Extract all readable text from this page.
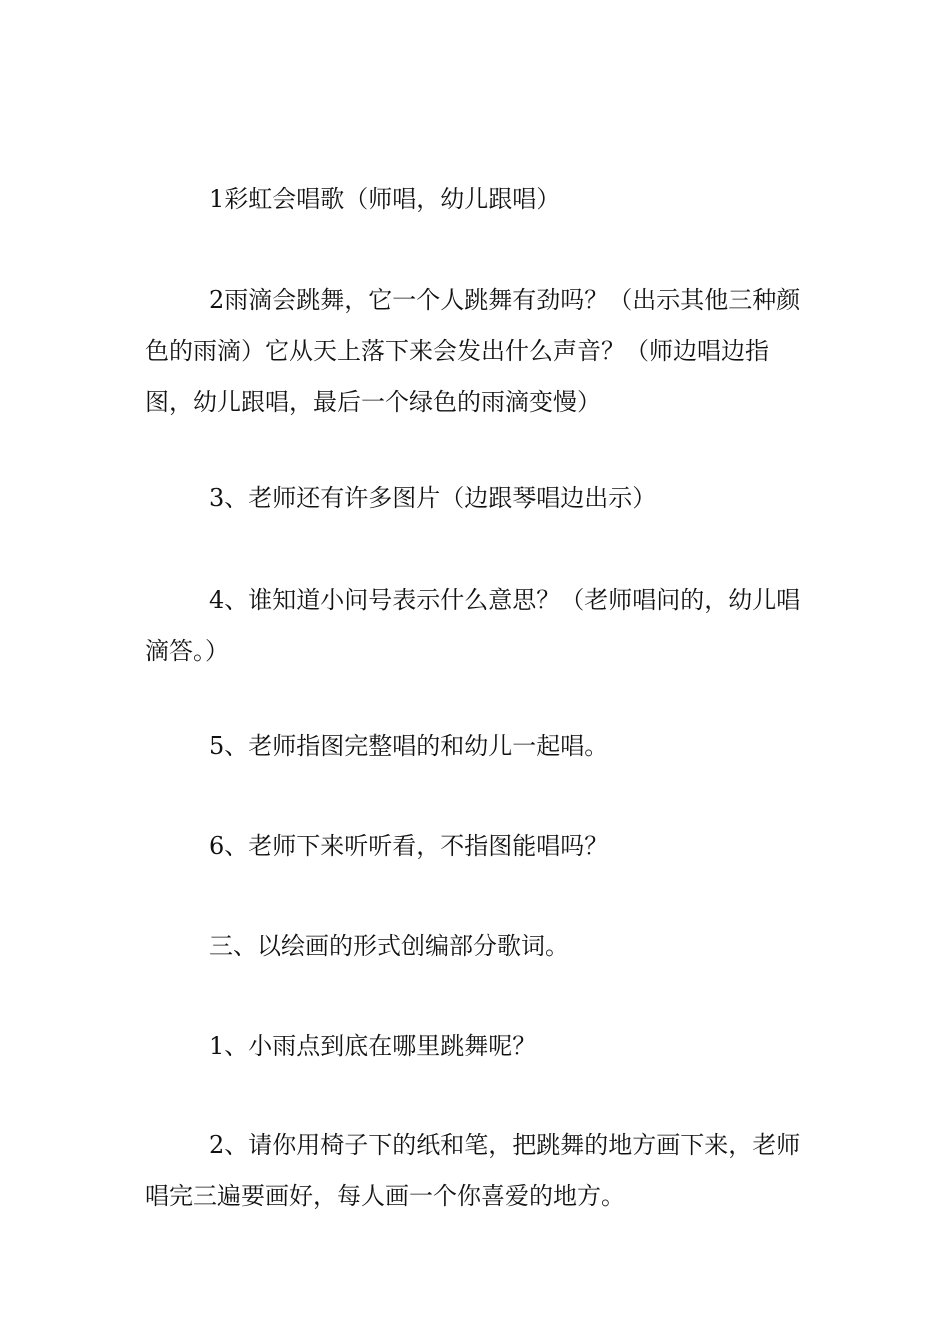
1彩虹会唱歌（师唱，幼儿跟唱）

2雨滴会跳舞，它一个人跳舞有劲吗？（出示其他三种颜色的雨滴）它从天上落下来会发出什么声音？（师边唱边指图，幼儿跟唱，最后一个绿色的雨滴变慢）

3、老师还有许多图片（边跟琴唱边出示）

4、谁知道小问号表示什么意思？（老师唱问的，幼儿唱滴答。）

5、老师指图完整唱的和幼儿一起唱。

6、老师下来听听看，不指图能唱吗？

三、以绘画的形式创编部分歌词。

1、小雨点到底在哪里跳舞呢？

2、请你用椅子下的纸和笔，把跳舞的地方画下来，老师唱完三遍要画好，每人画一个你喜爱的地方。
